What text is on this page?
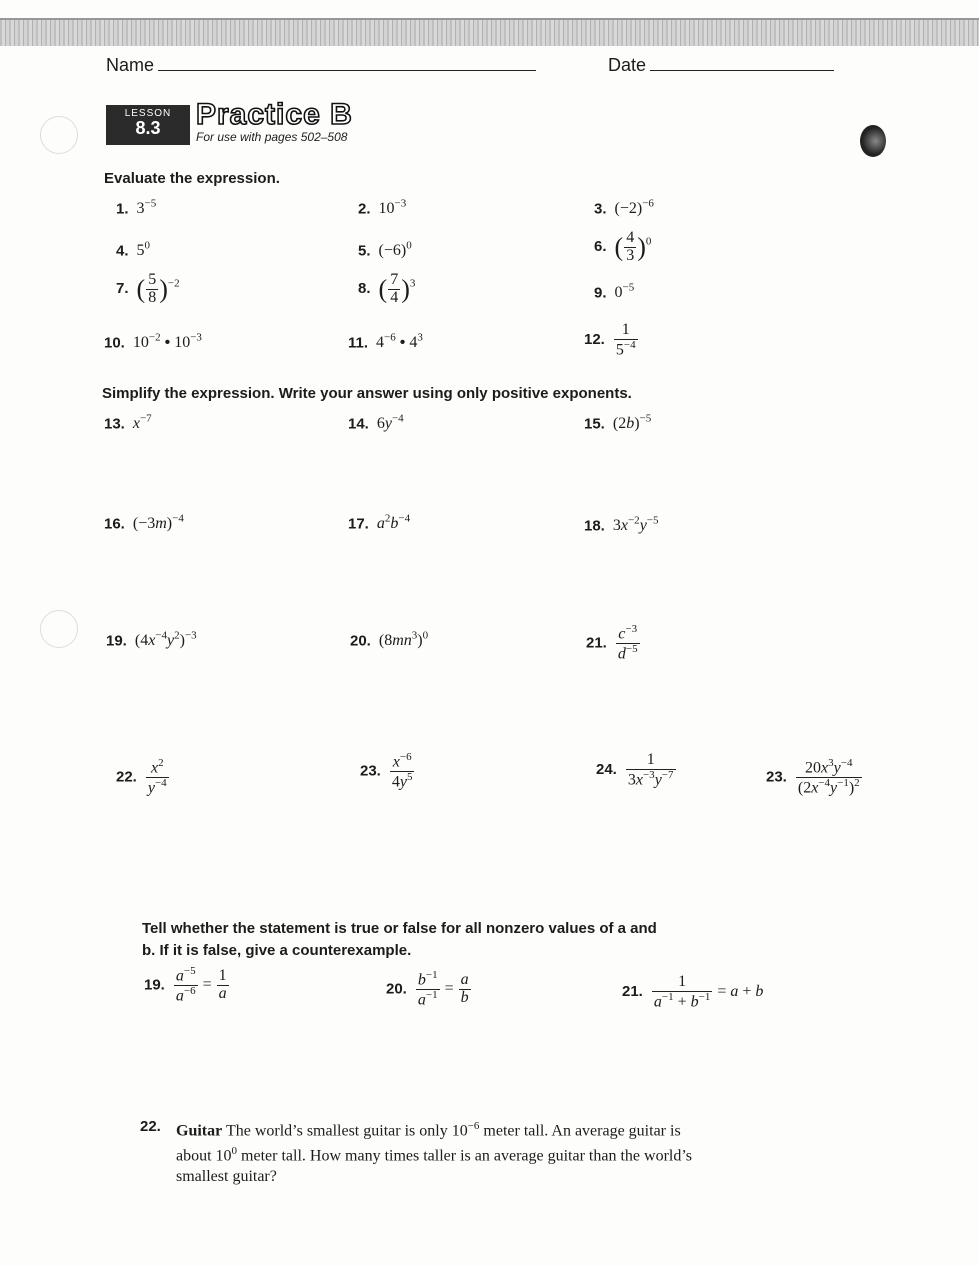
Name	Date
LESSON
8.3	Practice B
For use with pages 502–508
Evaluate the expression.
1. $3^{-5}$	2. $10^{-3}$	3. $(-2)^{-6}$
4. $5^0$	5. $(-6)^0$	6. ( $\frac{4}{3} )^0$
7. ( $\frac{5}{8} )^{-2}$	8. ( $\frac{7}{4} )^3$
9. $0^{-5}$
10. $10^{-2}$ • $10^{-3}$	11. $4^{-6}$ • $4^3$	12. $\frac{1}{5^{-4}}$
Simplify the expression. Write your answer using only positive exponents.
13. $x^{-7}$	14. $6y^{-4}$	15. $(2b)^{-5}$
16. $(-3m)^{-4}$	17. $a^2b^{-4}$	18. $3x^{-2}y^{-5}$
19. $(4x^{-4}y^2)^{-3}$	20. $(8mn^3)^0$	21. $\frac{c^{-3}}{d^{-5}}$
22. $\frac{x^2}{y^{-4}}$	23. $\frac{x^{-6}}{4y^5}$	24. $\frac{1}{3x^{-3}y^{-7}}$	23. $\frac{20x^3y^{-4}}{(2x^{-4}y^{-1})^2}$
Tell whether the statement is true or false for all nonzero values of a and
b. If it is false, give a counterexample.
19. $\frac{a^{-5}}{a^{-6}} = \frac{1}{a}$	20. $\frac{b^{-1}}{a^{-1}} = \frac{a}{b}$	21. $\frac{1}{a^{-1} + b^{-1}} = a + b$
22. Guitar The world’s smallest guitar is only $10^{-6}$ meter tall. An average guitar is
about $10^0$ meter tall. How many times taller is an average guitar than the world’s
smallest guitar?
